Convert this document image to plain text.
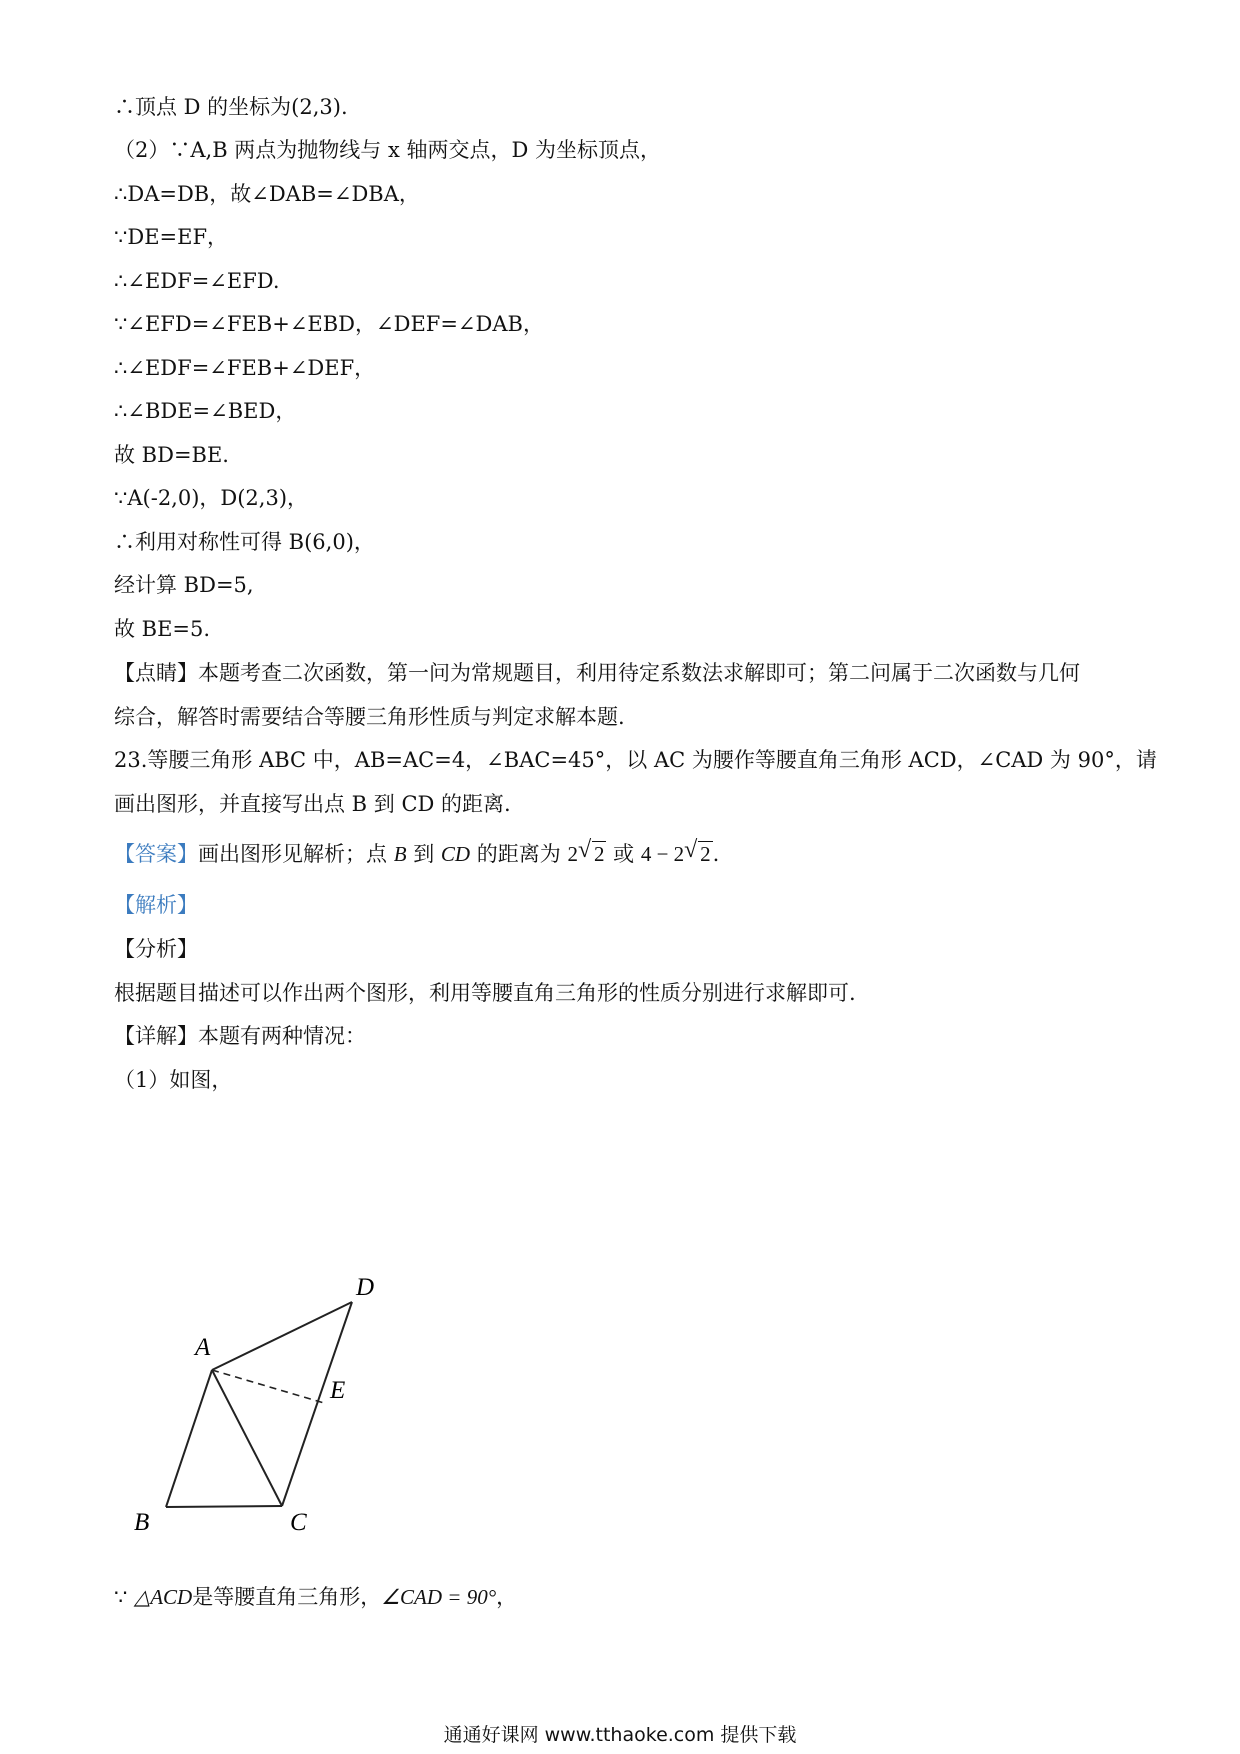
∴顶点 D 的坐标为(2,3).
（2）∵A,B 两点为抛物线与 x 轴两交点，D 为坐标顶点，
∴DA=DB，故∠DAB=∠DBA，
∵DE=EF，
∴∠EDF=∠EFD.
∵∠EFD=∠FEB+∠EBD，∠DEF=∠DAB，
∴∠EDF=∠FEB+∠DEF，
∴∠BDE=∠BED，
故 BD=BE.
∵A(-2,0)，D(2,3)，
∴利用对称性可得 B(6,0)，
经计算 BD=5,
故 BE=5.
【点睛】本题考查二次函数，第一问为常规题目，利用待定系数法求解即可；第二问属于二次函数与几何
综合，解答时需要结合等腰三角形性质与判定求解本题.
23.等腰三角形 ABC 中，AB=AC=4，∠BAC=45°，以 AC 为腰作等腰直角三角形 ACD，∠CAD 为 90°，请
画出图形，并直接写出点 B 到 CD 的距离.
【答案】画出图形见解析；点 B 到 CD 的距离为 2 √ 2 或 4 − 2 √ 2.
【解析】
【分析】
根据题目描述可以作出两个图形，利用等腰直角三角形的性质分别进行求解即可.
【详解】本题有两种情况：
（1）如图，
A
D
E
B	C
∵ △ACD是等腰直角三角形，∠CAD = 90°，
通通好课网 www.tthaoke.com 提供下载
